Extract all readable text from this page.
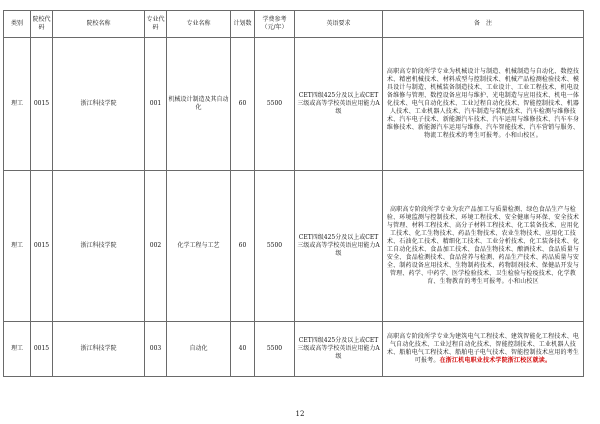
类别	院校代码	院校名称	专业代码	专业名称	计划数	学费参考（元/年）	英语要求	备　注
理工	0015	浙江科技学院	001	机械设计制造及其自动化	60	5500	CET四级425分及以上或CET三级或高等学校英语应用能力A级	高职高专阶段所学专业为机械设计与制造、机械制造与自动化、数控技术、精密机械技术、材料成型与控制技术、机械产品检测检验技术、模具设计与制造、机械装备制造技术、工业设计、工业工程技术、机电设备维修与管理、数控设备应用与维护、光电制造与应用技术、机电一体化技术、电气自动化技术、工业过程自动化技术、智能控制技术、机器人技术、工业机器人技术、汽车制造与装配技术、汽车检测与维修技术、汽车电子技术、新能源汽车技术、汽车运用与维修技术、汽车车身维修技术、新能源汽车运用与维修、汽车智能技术、汽车营销与服务、物流工程技术的考生可报考。小和山校区。
理工	0015	浙江科技学院	002	化学工程与工艺	60	5500	CET四级425分及以上或CET三级或高等学校英语应用能力A级	高职高专阶段所学专业为农产品加工与质量检测、绿色食品生产与检验、环境监测与控制技术、环境工程技术、安全健康与环保、安全技术与管理、材料工程技术、高分子材料工程技术、化工装备技术、应用化工技术、化工生物技术、药品生物技术、农业生物技术、应用化工技术、石油化工技术、精细化工技术、工业分析技术、化工装备技术、化工自动化技术、食品加工技术、食品生物技术、酿酒技术、食品质量与安全、食品检测技术、食品营养与检测、药品生产技术、药品质量与安全、制药设备应用技术、生物制药技术、药物制剂技术、保健品开发与管理、药学、中药学、医学检验技术、卫生检验与检疫技术、化学教育、生物教育的考生可报考。小和山校区
理工	0015	浙江科技学院	003	自动化	40	5500	CET四级425分及以上或CET三级或高等学校英语应用能力A级	高职高专阶段所学专业为建筑电气工程技术、建筑智能化工程技术、电气自动化技术、工业过程自动化技术、智能控制技术、工业机器人技术、船舶电气工程技术、船舶电子电气技术、智能控制技术应用的考生可报考。在浙江机电职业技术学院浙江校区就读。
12
